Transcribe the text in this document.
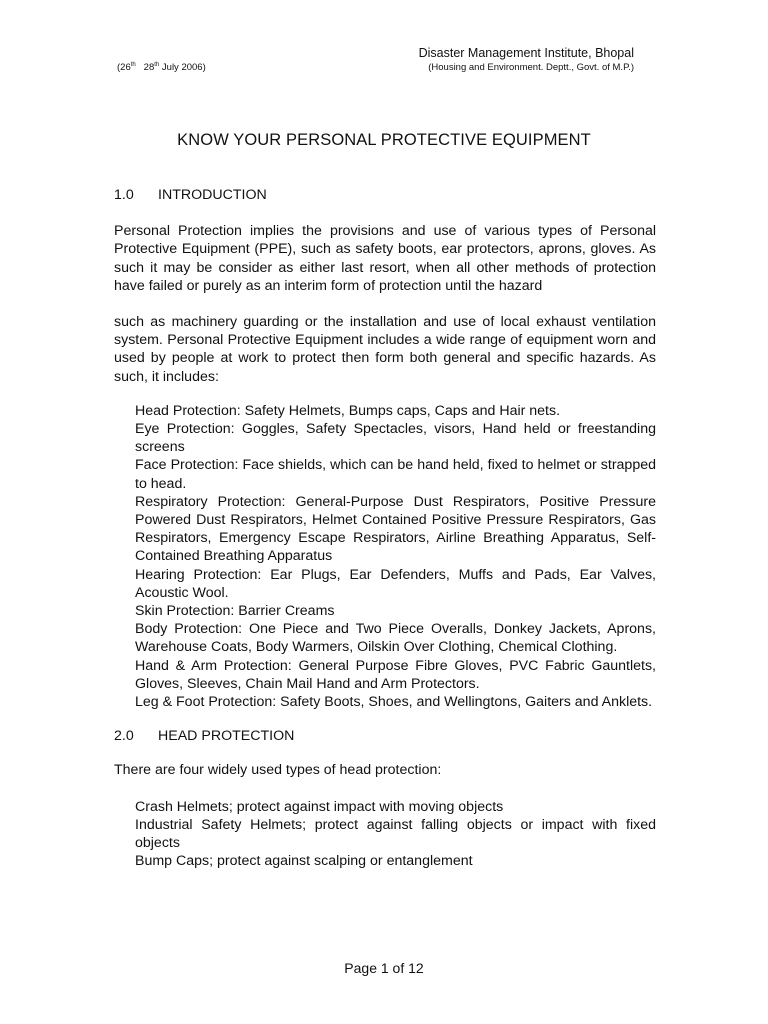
(26th 28th July 2006)
Disaster Management Institute, Bhopal
(Housing and Environment. Deptt., Govt. of M.P.)
KNOW YOUR PERSONAL PROTECTIVE EQUIPMENT
1.0	INTRODUCTION

Personal Protection implies the provisions and use of various types of Personal Protective Equipment (PPE), such as safety boots, ear protectors, aprons, gloves. As such it may be consider as either last resort, when all other methods of protection have failed or purely as an interim form of protection until the hazard

such as machinery guarding or the installation and use of local exhaust ventilation system. Personal Protective Equipment includes a wide range of equipment worn and used by people at work to protect then form both general and specific hazards. As such, it includes:

Head Protection: Safety Helmets, Bumps caps, Caps and Hair nets.
Eye Protection: Goggles, Safety Spectacles, visors, Hand held or freestanding screens
Face Protection: Face shields, which can be hand held, fixed to helmet or strapped to head.
Respiratory Protection: General-Purpose Dust Respirators, Positive Pressure Powered Dust Respirators, Helmet Contained Positive Pressure Respirators, Gas Respirators, Emergency Escape Respirators, Airline Breathing Apparatus, Self-Contained Breathing Apparatus
Hearing Protection: Ear Plugs, Ear Defenders, Muffs and Pads, Ear Valves, Acoustic Wool.
Skin Protection: Barrier Creams
Body Protection: One Piece and Two Piece Overalls, Donkey Jackets, Aprons, Warehouse Coats, Body Warmers, Oilskin Over Clothing, Chemical Clothing.
Hand & Arm Protection: General Purpose Fibre Gloves, PVC Fabric Gauntlets, Gloves, Sleeves, Chain Mail Hand and Arm Protectors.
Leg & Foot Protection: Safety Boots, Shoes, and Wellingtons, Gaiters and Anklets.
2.0	HEAD PROTECTION

There are four widely used types of head protection:

Crash Helmets; protect against impact with moving objects
Industrial Safety Helmets; protect against falling objects or impact with fixed objects
Bump Caps; protect against scalping or entanglement
Page 1 of 12
